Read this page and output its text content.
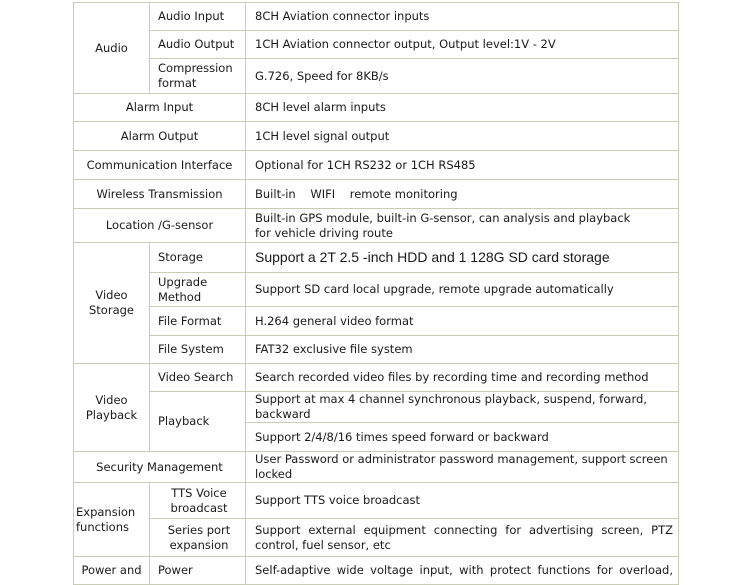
Audio	Audio Input	8CH Aviation connector inputs
	Audio Output	1CH Aviation connector output, Output level:1V - 2V
	Compression format	G.726, Speed for 8KB/s
Alarm Input		8CH level alarm inputs
Alarm Output		1CH level signal output
Communication Interface		Optional for 1CH RS232 or 1CH RS485
Wireless Transmission		Built-in    WIFI    remote monitoring
Location /G-sensor		Built-in GPS module, built-in G-sensor, can analysis and playback
for vehicle driving route

Video Storage	Storage	Support a 2T 2.5 -inch HDD and 1 128G SD card storage
	Upgrade Method	Support SD card local upgrade, remote upgrade automatically
	File Format	H.264 general video format
	File System	FAT32 exclusive file system
Video Playback	Video Search	Search recorded video files by recording time and recording method
	Playback	Support at max 4 channel synchronous playback, suspend, forward, backward
		Support 2/4/8/16 times speed forward or backward
Security Management		User Password or administrator password management, support screen locked
Expansion functions	TTS Voice broadcast	Support TTS voice broadcast
	Series port expansion	Support external equipment connecting for advertising screen, PTZ control, fuel sensor, etc
Power and	Power	Self-adaptive wide voltage input, with protect functions for overload,
